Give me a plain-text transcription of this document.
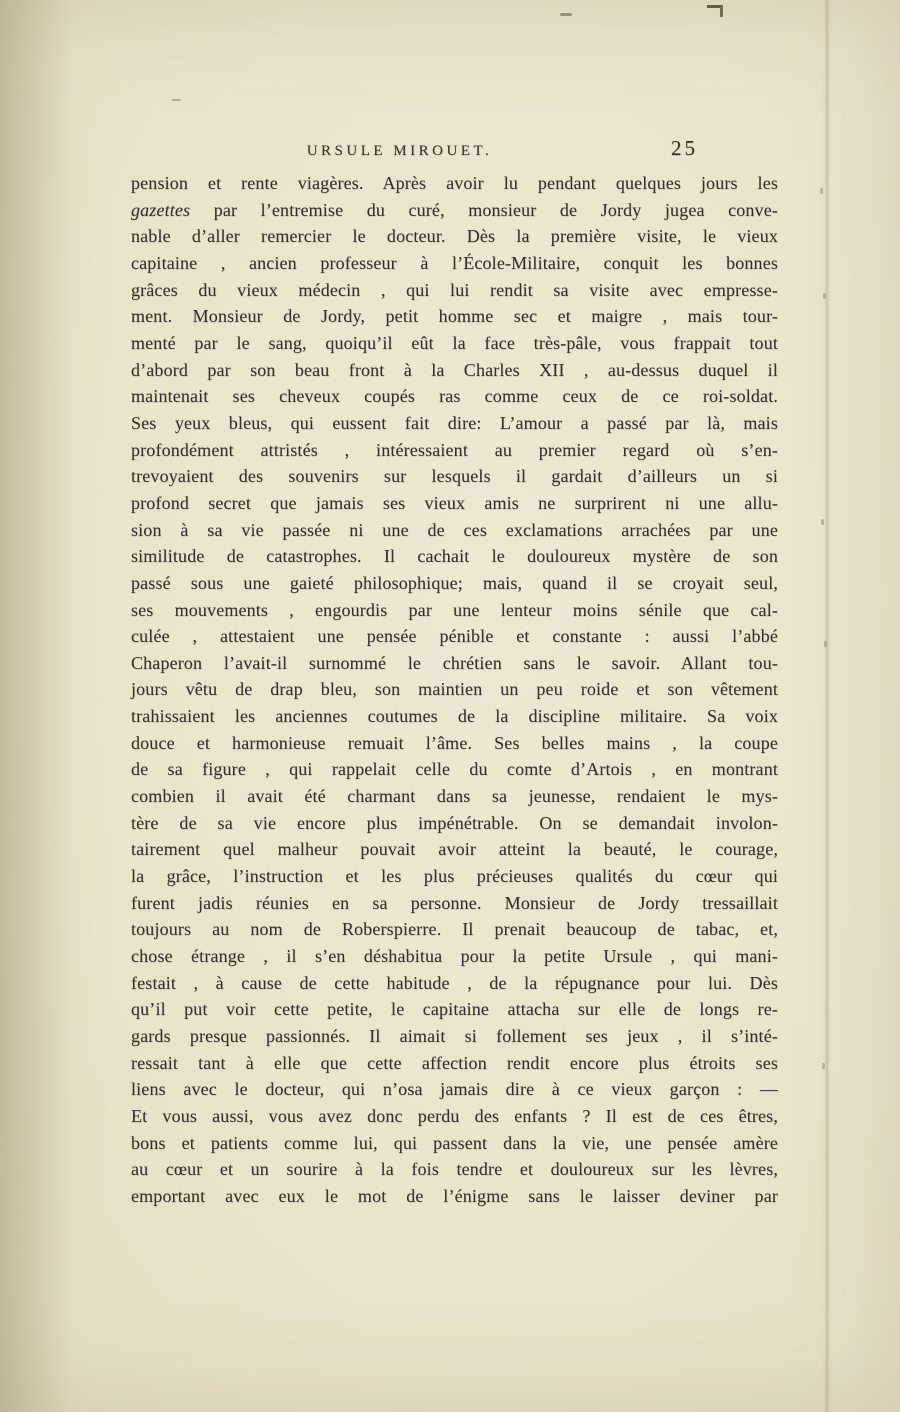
URSULE MIROUET.	25
pension et rente viagères. Après avoir lu pendant quelques jours les
gazettes par l’entremise du curé, monsieur de Jordy jugea conve-
nable d’aller remercier le docteur. Dès la première visite, le vieux
capitaine , ancien professeur à l’École-Militaire, conquit les bonnes
grâces du vieux médecin , qui lui rendit sa visite avec empresse-
ment. Monsieur de Jordy, petit homme sec et maigre , mais tour-
menté par le sang, quoiqu’il eût la face très-pâle, vous frappait tout
d’abord par son beau front à la Charles XII , au-dessus duquel il
maintenait ses cheveux coupés ras comme ceux de ce roi-soldat.
Ses yeux bleus, qui eussent fait dire: L’amour a passé par là, mais
profondément attristés , intéressaient au premier regard où s’en-
trevoyaient des souvenirs sur lesquels il gardait d’ailleurs un si
profond secret que jamais ses vieux amis ne surprirent ni une allu-
sion à sa vie passée ni une de ces exclamations arrachées par une
similitude de catastrophes. Il cachait le douloureux mystère de son
passé sous une gaieté philosophique; mais, quand il se croyait seul,
ses mouvements , engourdis par une lenteur moins sénile que cal-
culée , attestaient une pensée pénible et constante : aussi l’abbé
Chaperon l’avait-il surnommé le chrétien sans le savoir. Allant tou-
jours vêtu de drap bleu, son maintien un peu roide et son vêtement
trahissaient les anciennes coutumes de la discipline militaire. Sa voix
douce et harmonieuse remuait l’âme. Ses belles mains , la coupe
de sa figure , qui rappelait celle du comte d’Artois , en montrant
combien il avait été charmant dans sa jeunesse, rendaient le mys-
tère de sa vie encore plus impénétrable. On se demandait involon-
tairement quel malheur pouvait avoir atteint la beauté, le courage,
la grâce, l’instruction et les plus précieuses qualités du cœur qui
furent jadis réunies en sa personne. Monsieur de Jordy tressaillait
toujours au nom de Roberspierre. Il prenait beaucoup de tabac, et,
chose étrange , il s’en déshabitua pour la petite Ursule , qui mani-
festait , à cause de cette habitude , de la répugnance pour lui. Dès
qu’il put voir cette petite, le capitaine attacha sur elle de longs re-
gards presque passionnés. Il aimait si follement ses jeux , il s’inté-
ressait tant à elle que cette affection rendit encore plus étroits ses
liens avec le docteur, qui n’osa jamais dire à ce vieux garçon : —
Et vous aussi, vous avez donc perdu des enfants ? Il est de ces êtres,
bons et patients comme lui, qui passent dans la vie, une pensée amère
au cœur et un sourire à la fois tendre et douloureux sur les lèvres,
emportant avec eux le mot de l’énigme sans le laisser deviner par
